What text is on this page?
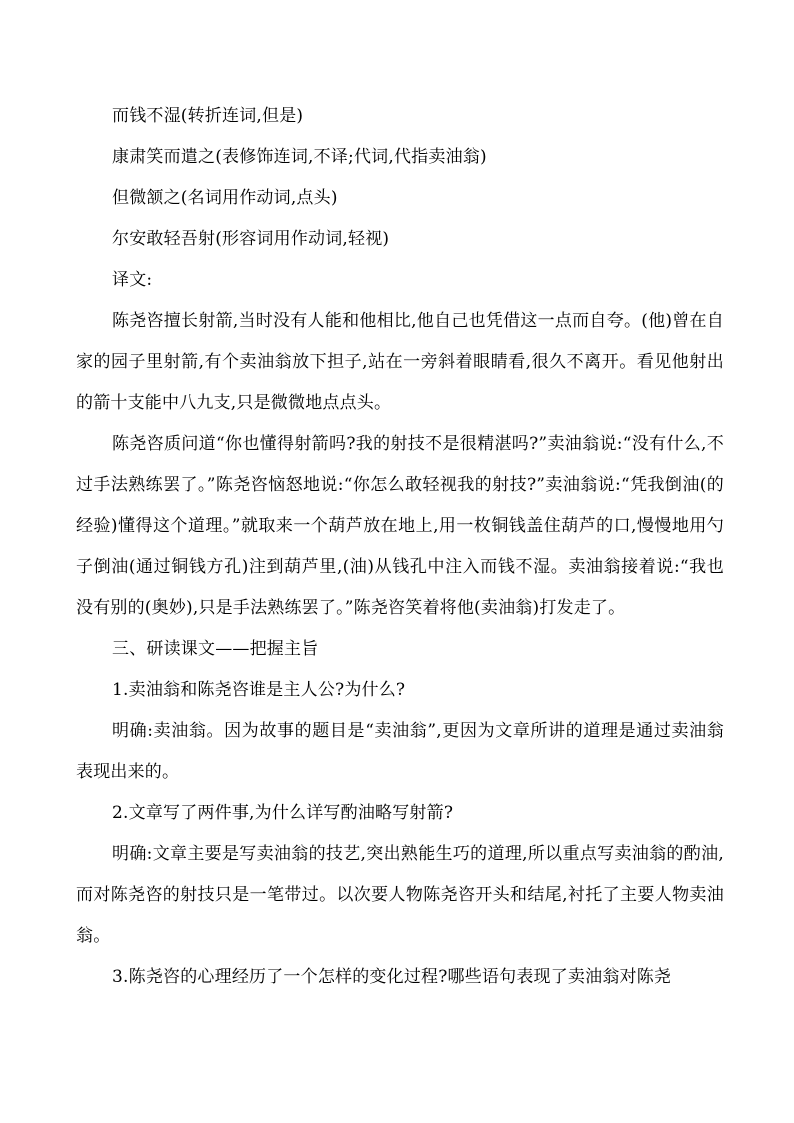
而钱不湿(转折连词,但是)

康肃笑而遣之(表修饰连词,不译;代词,代指卖油翁)

但微颔之(名词用作动词,点头)

尔安敢轻吾射(形容词用作动词,轻视)

译文:

陈尧咨擅长射箭,当时没有人能和他相比,他自己也凭借这一点而自夸。(他)曾在自家的园子里射箭,有个卖油翁放下担子,站在一旁斜着眼睛看,很久不离开。看见他射出的箭十支能中八九支,只是微微地点点头。

陈尧咨质问道“你也懂得射箭吗?我的射技不是很精湛吗?”卖油翁说:“没有什么,不过手法熟练罢了。”陈尧咨恼怒地说:“你怎么敢轻视我的射技?”卖油翁说:“凭我倒油(的经验)懂得这个道理。”就取来一个葫芦放在地上,用一枚铜钱盖住葫芦的口,慢慢地用勺子倒油(通过铜钱方孔)注到葫芦里,(油)从钱孔中注入而钱不湿。卖油翁接着说:“我也没有别的(奥妙),只是手法熟练罢了。”陈尧咨笑着将他(卖油翁)打发走了。

三、研读课文——把握主旨

1.卖油翁和陈尧咨谁是主人公?为什么?

明确:卖油翁。因为故事的题目是“卖油翁”,更因为文章所讲的道理是通过卖油翁表现出来的。

2.文章写了两件事,为什么详写酌油略写射箭?

明确:文章主要是写卖油翁的技艺,突出熟能生巧的道理,所以重点写卖油翁的酌油,而对陈尧咨的射技只是一笔带过。以次要人物陈尧咨开头和结尾,衬托了主要人物卖油翁。

3.陈尧咨的心理经历了一个怎样的变化过程?哪些语句表现了卖油翁对陈尧
